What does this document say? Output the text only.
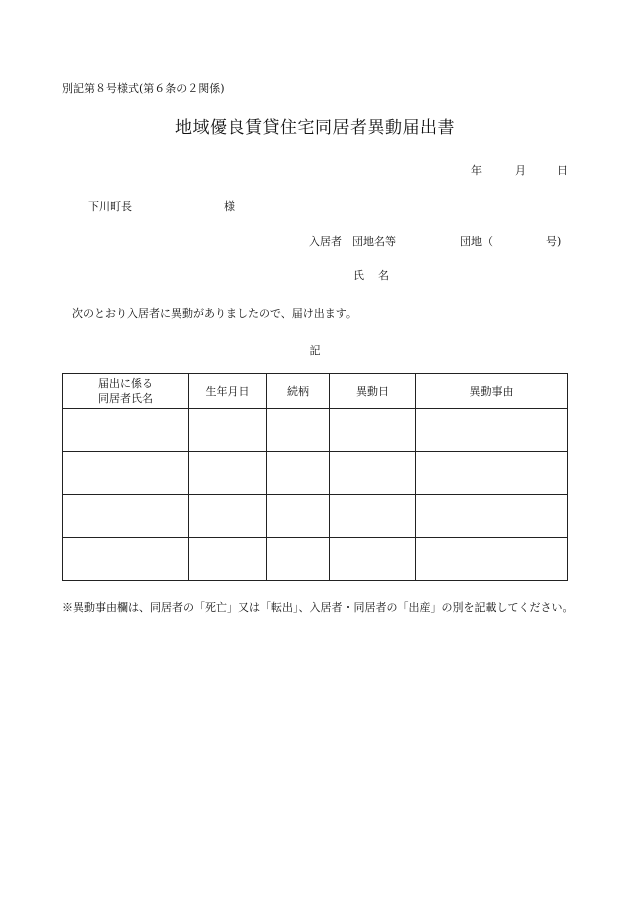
別記第８号様式(第６条の２関係)
地域優良賃貸住宅同居者異動届出書
年	月	日
下川町長	様
入居者 団地名等	団地（	号)
氏名
次のとおり入居者に異動がありましたので、届け出ます。
記
届出に係る
同居者氏名	生年月日	続柄	異動日	異動事由

※異動事由欄は、同居者の「死亡」又は「転出」、入居者・同居者の「出産」の別を記載してください。
